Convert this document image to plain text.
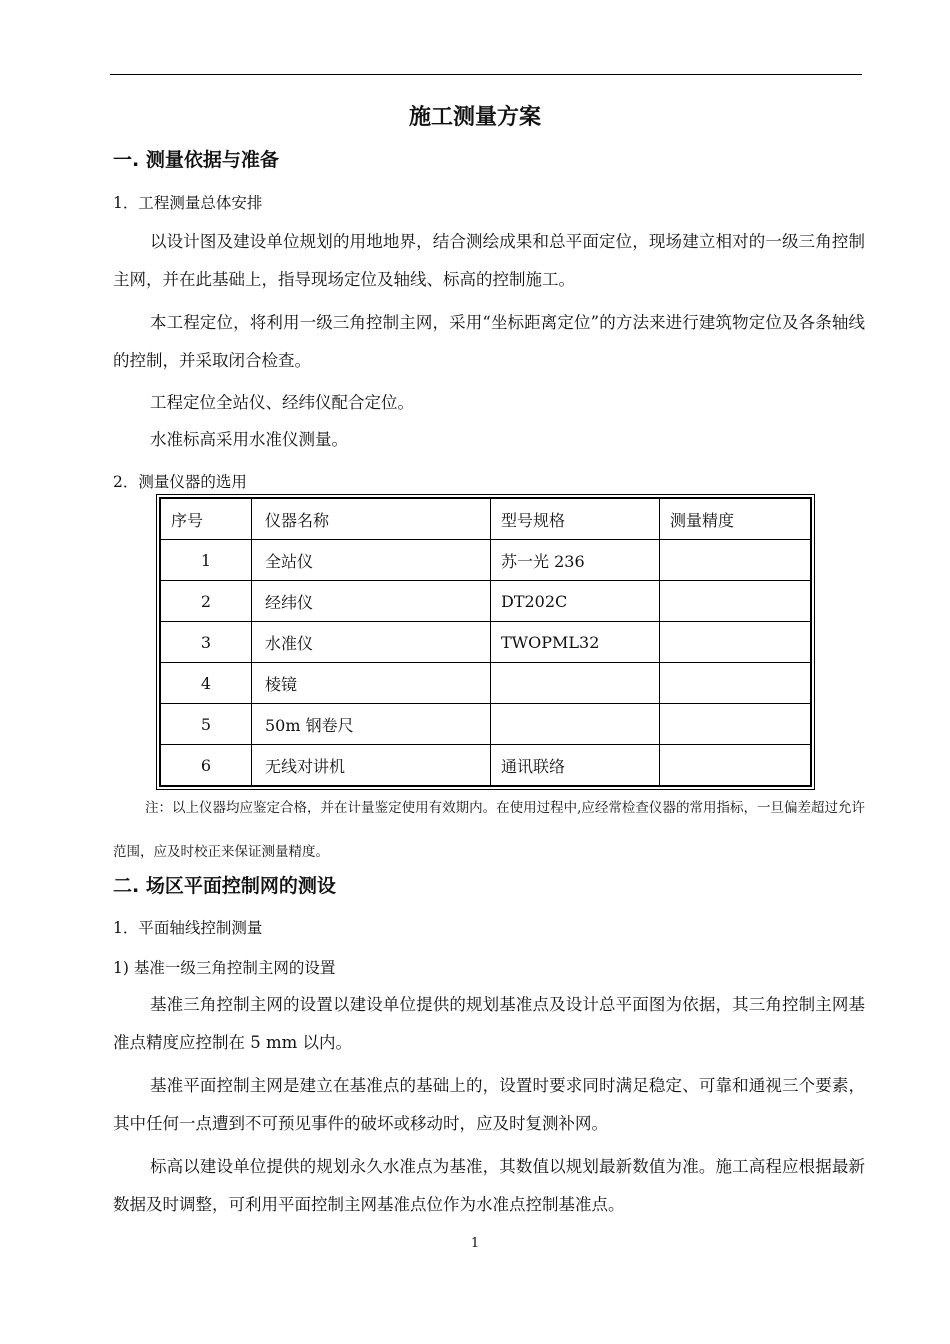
施工测量方案
一. 测量依据与准备
1．工程测量总体安排

以设计图及建设单位规划的用地地界，结合测绘成果和总平面定位，现场建立相对的一级三角控制主网，并在此基础上，指导现场定位及轴线、标高的控制施工。

本工程定位，将利用一级三角控制主网，采用“坐标距离定位”的方法来进行建筑物定位及各条轴线的控制，并采取闭合检查。

工程定位全站仪、经纬仪配合定位。

水准标高采用水准仪测量。

2．测量仪器的选用
序号	仪器名称	型号规格	测量精度
1	全站仪	苏一光 236	
2	经纬仪	DT202C	
3	水准仪	TWOPML32	
4	棱镜		
5	50m 钢卷尺		
6	无线对讲机	通讯联络	

注：以上仪器均应鉴定合格，并在计量鉴定使用有效期内。在使用过程中,应经常检查仪器的常用指标，一旦偏差超过允许范围，应及时校正来保证测量精度。

二. 场区平面控制网的测设
1．平面轴线控制测量
1) 基准一级三角控制主网的设置

基准三角控制主网的设置以建设单位提供的规划基准点及设计总平面图为依据，其三角控制主网基准点精度应控制在 5 mm 以内。

基准平面控制主网是建立在基准点的基础上的，设置时要求同时满足稳定、可靠和通视三个要素，其中任何一点遭到不可预见事件的破坏或移动时，应及时复测补网。

标高以建设单位提供的规划永久水准点为基准，其数值以规划最新数值为准。施工高程应根据最新数据及时调整，可利用平面控制主网基准点位作为水准点控制基准点。

1
